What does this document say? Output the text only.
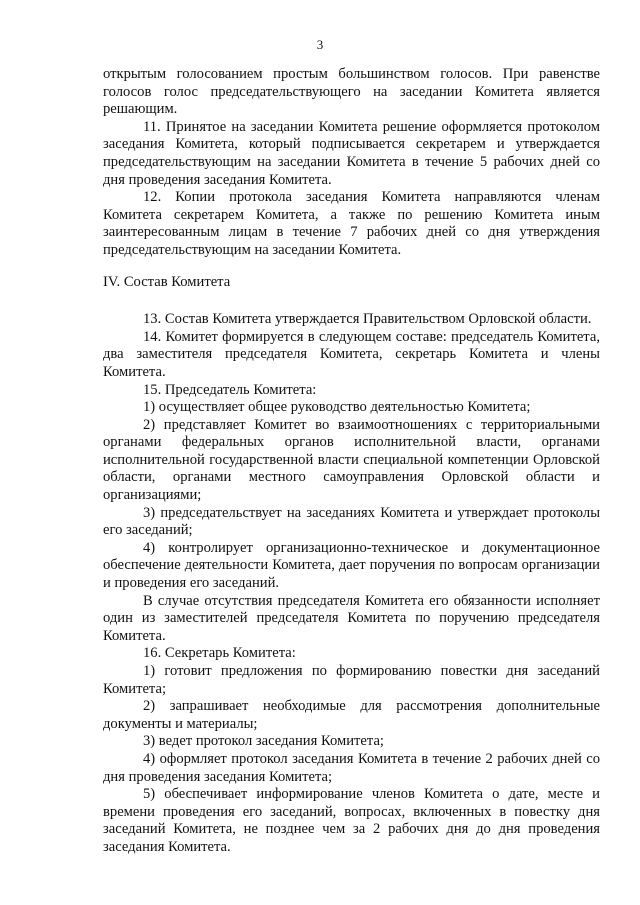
3

открытым голосованием простым большинством голосов. При равенстве голосов голос председательствующего на заседании Комитета является решающим.

11. Принятое на заседании Комитета решение оформляется протоколом заседания Комитета, который подписывается секретарем и утверждается председательствующим на заседании Комитета в течение 5 рабочих дней со дня проведения заседания Комитета.

12. Копии протокола заседания Комитета направляются членам Комитета секретарем Комитета, а также по решению Комитета иным заинтересованным лицам в течение 7 рабочих дней со дня утверждения председательствующим на заседании Комитета.

IV. Состав Комитета

13. Состав Комитета утверждается Правительством Орловской области.

14. Комитет формируется в следующем составе: председатель Комитета, два заместителя председателя Комитета, секретарь Комитета и члены Комитета.

15. Председатель Комитета:

1) осуществляет общее руководство деятельностью Комитета;

2) представляет Комитет во взаимоотношениях с территориальными органами федеральных органов исполнительной власти, органами исполнительной государственной власти специальной компетенции Орловской области, органами местного самоуправления Орловской области и организациями;

3) председательствует на заседаниях Комитета и утверждает протоколы его заседаний;

4) контролирует организационно-техническое и документационное обеспечение деятельности Комитета, дает поручения по вопросам организации и проведения его заседаний.

В случае отсутствия председателя Комитета его обязанности исполняет один из заместителей председателя Комитета по поручению председателя Комитета.

16. Секретарь Комитета:

1) готовит предложения по формированию повестки дня заседаний Комитета;

2) запрашивает необходимые для рассмотрения дополнительные документы и материалы;

3) ведет протокол заседания Комитета;

4) оформляет протокол заседания Комитета в течение 2 рабочих дней со дня проведения заседания Комитета;

5) обеспечивает информирование членов Комитета о дате, месте и времени проведения его заседаний, вопросах, включенных в повестку дня заседаний Комитета, не позднее чем за 2 рабочих дня до дня проведения заседания Комитета.
